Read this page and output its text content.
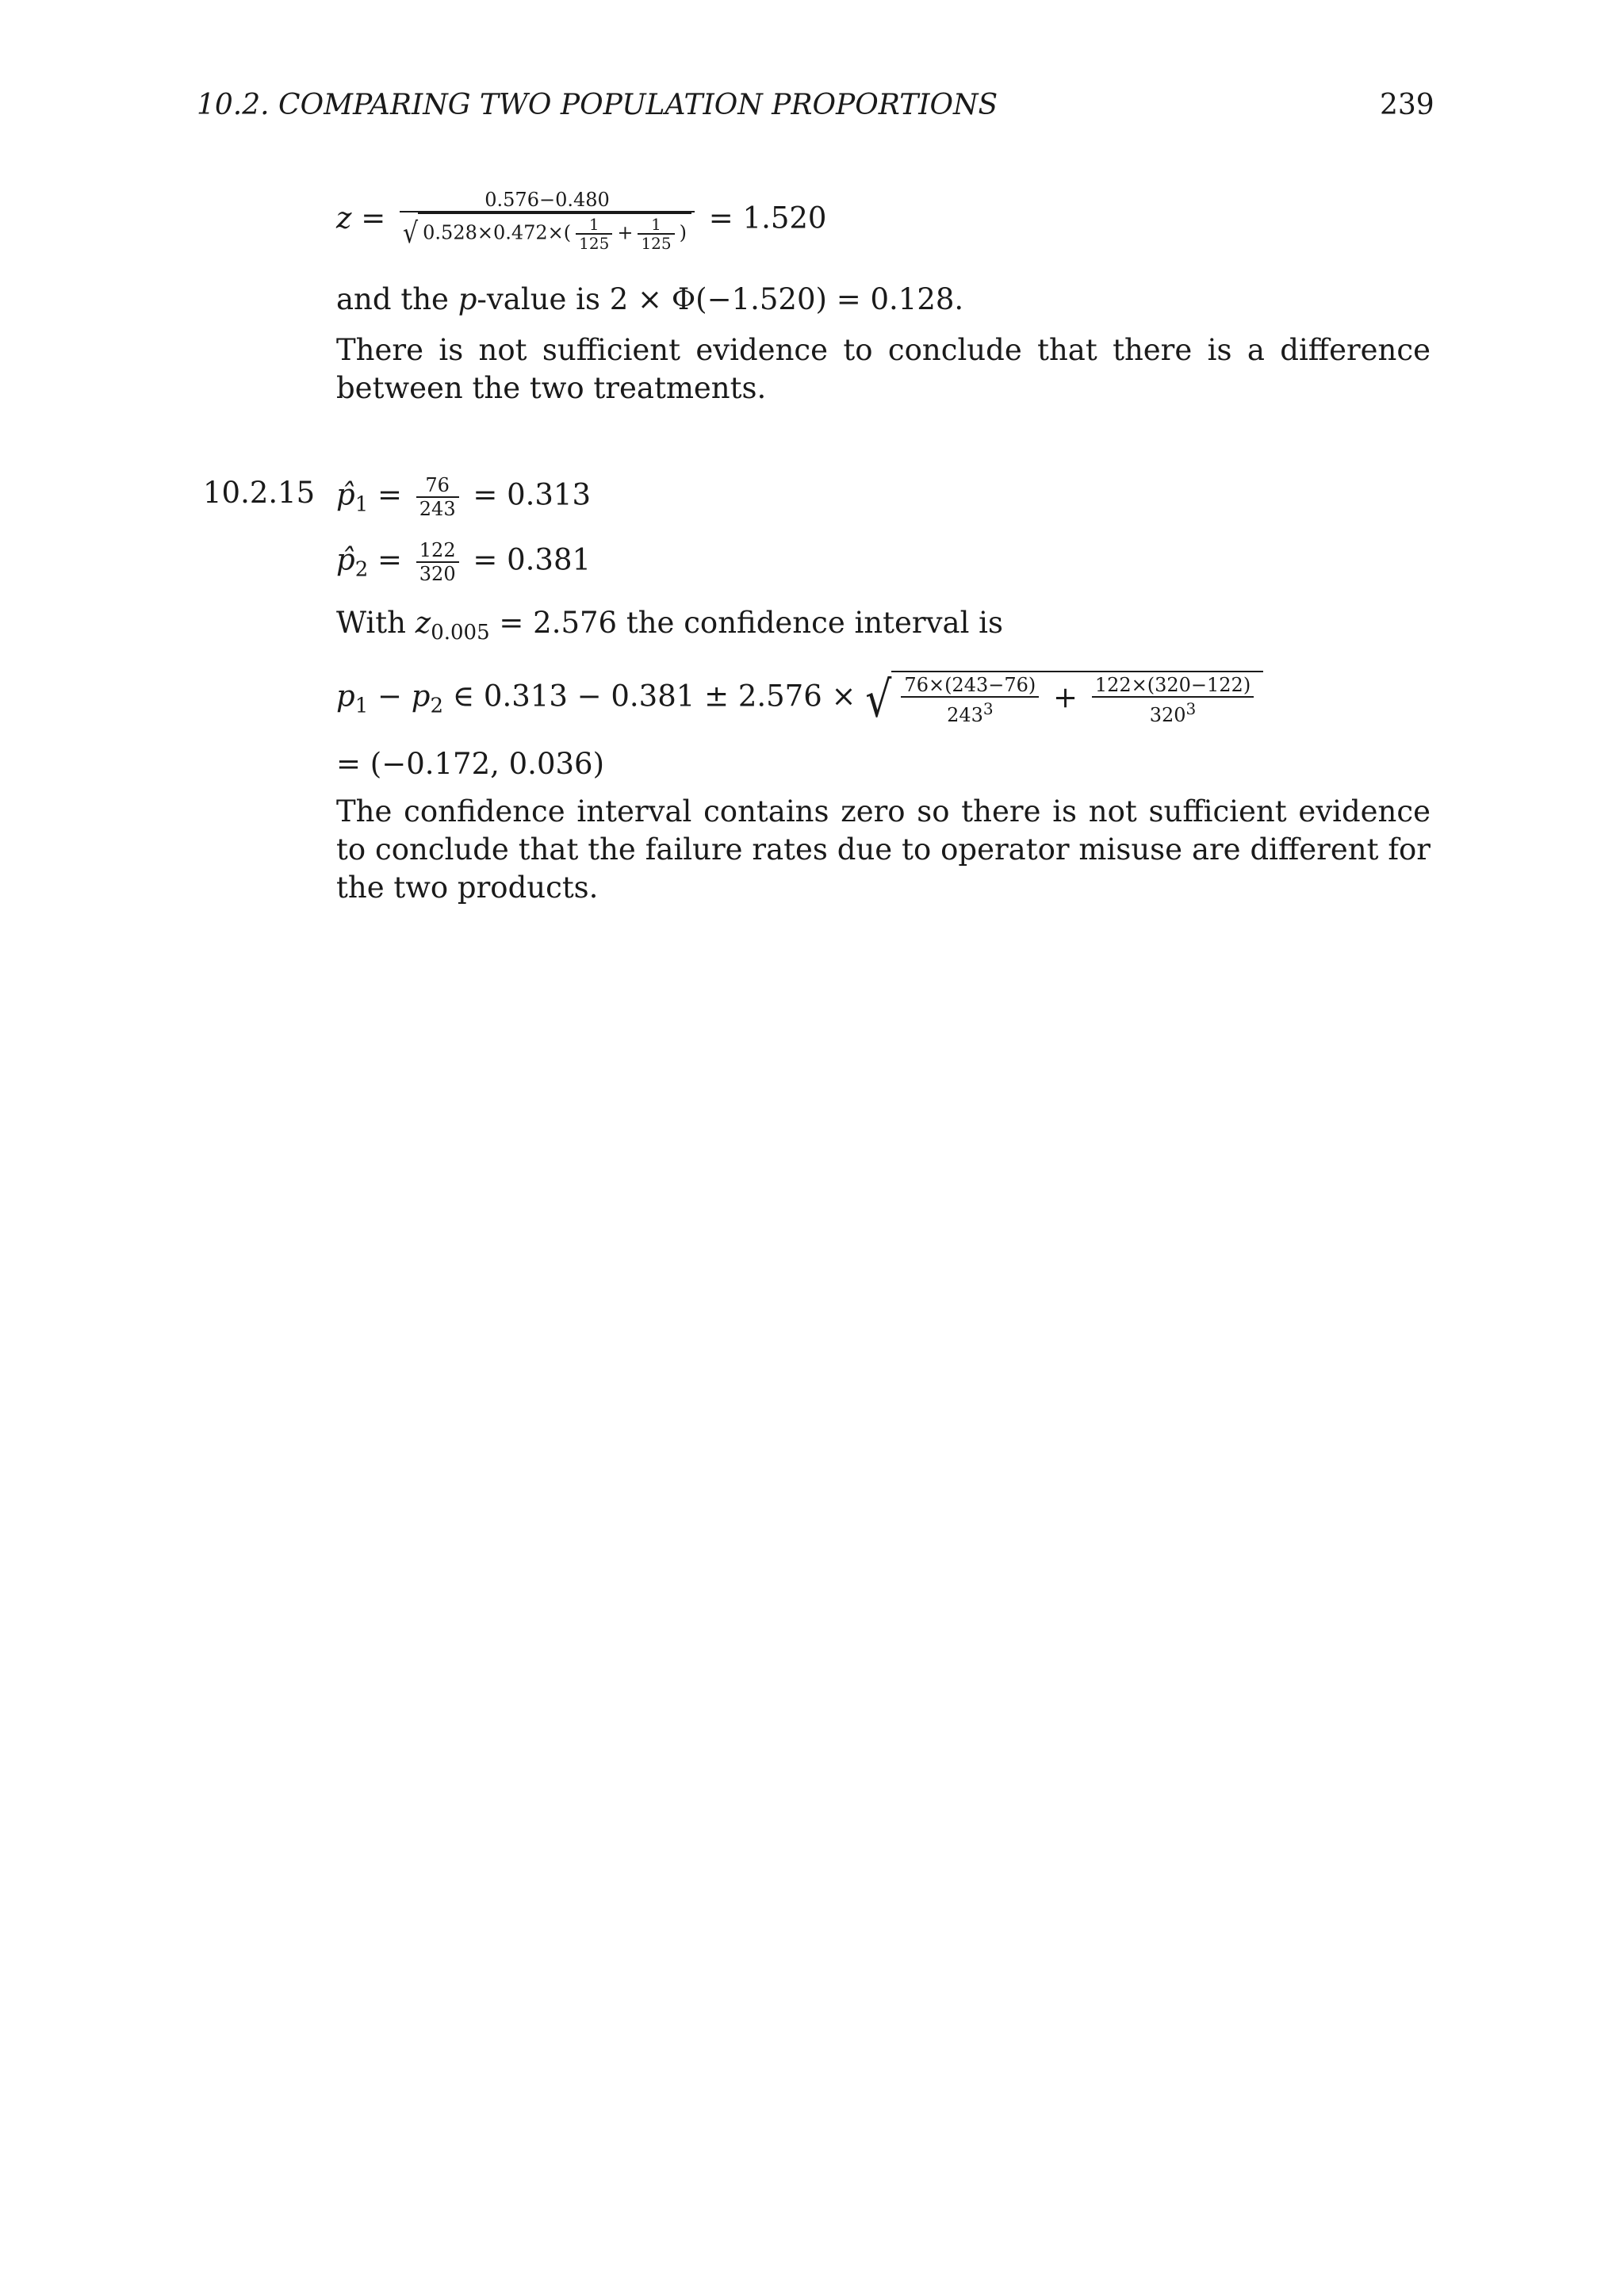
10.2. COMPARING TWO POPULATION PROPORTIONS	239
$z = \frac{0.576-0.480}{√ 0.528\times 0.472\times( \frac{1}{125} + \frac{1}{125} )} = 1.520$
and the p-value is 2 × Φ(−1.520) = 0.128.
There is not sufficient evidence to conclude that there is a difference between the two treatments.
10.2.15 $p̂_1 = \frac{76}{243} = 0.313$
$p̂_2 = \frac{122}{320} = 0.381$
With $z_{0.005} = 2.576$ the confidence interval is
$p_1 - p_2$ ∈ 0.313 − 0.381 ± 2.576 × √ $\frac{76\times(243-76)}{243^3} + \frac{122\times(320-122)}{320^3}$
= (−0.172, 0.036)
The confidence interval contains zero so there is not sufficient evidence to conclude that the failure rates due to operator misuse are different for the two products.
